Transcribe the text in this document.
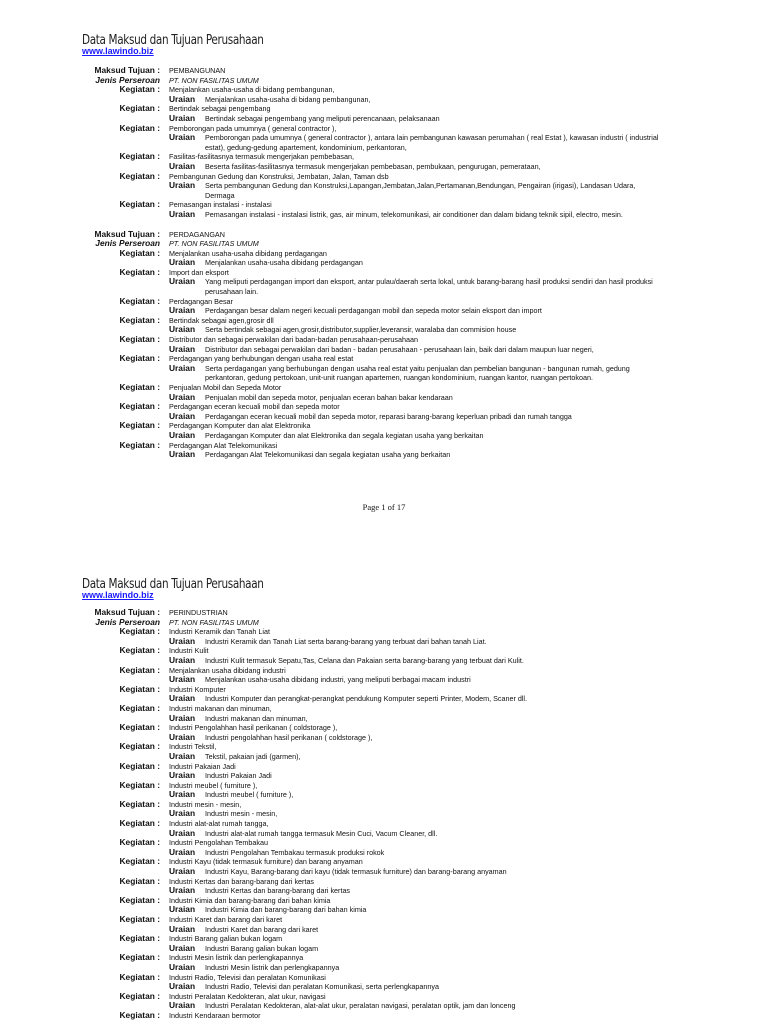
Data Maksud dan Tujuan Perusahaan
www.lawindo.biz
Maksud Tujuan :	PEMBANGUNAN
Jenis Perseroan	PT. NON FASILITAS UMUM
Kegiatan :	Menjalankan usaha-usaha di bidang pembangunan,
Uraian	Menjalankan usaha-usaha di bidang pembangunan,
Kegiatan :	Bertindak sebagai pengembang
Uraian	Bertindak sebagai pengembang yang meliputi perencanaan, pelaksanaan
Kegiatan :	Pemborongan pada umumnya ( general contractor ),
Uraian	Pemborongan pada umumnya ( general contractor ), antara lain pembangunan kawasan perumahan ( real Estat ), kawasan industri ( industrial estat), gedung-gedung apartement, kondominium, perkantoran,
Kegiatan :	Fasilitas-fasilitasnya termasuk mengerjakan pembebasan,
Uraian	Beserta fasilitas-fasilitasnya termasuk mengerjakan pembebasan, pembukaan, pengurugan, pemerataan,
Kegiatan :	Pembangunan Gedung dan Konstruksi, Jembatan, Jalan, Taman dsb
Uraian	Serta pembangunan Gedung dan Konstruksi,Lapangan,Jembatan,Jalan,Pertamanan,Bendungan, Pengairan (irigasi), Landasan Udara, Dermaga
Kegiatan :	Pemasangan instalasi - instalasi
Uraian	Pemasangan instalasi - instalasi listrik, gas, air minum, telekomunikasi, air conditioner dan dalam bidang teknik sipil, electro, mesin.
Maksud Tujuan :	PERDAGANGAN
Jenis Perseroan	PT. NON FASILITAS UMUM
Kegiatan :	Menjalankan usaha-usaha dibidang perdagangan
Uraian	Menjalankan usaha-usaha dibidang perdagangan
Kegiatan :	Import dan eksport
Uraian	Yang meliputi perdagangan import dan eksport, antar pulau/daerah serta lokal, untuk barang-barang hasil produksi sendiri dan hasil produksi perusahaan lain.
Kegiatan :	Perdagangan Besar
Uraian	Perdagangan besar dalam negeri kecuali perdagangan mobil dan sepeda motor selain eksport dan import
Kegiatan :	Bertindak sebagai agen,grosir dll
Uraian	Serta bertindak sebagai agen,grosir,distributor,supplier,leveransir, waralaba dan commision house
Kegiatan :	Distributor dan sebagai perwakilan dari badan-badan perusahaan-perusahaan
Uraian	Distributor dan sebagai perwakilan dari badan - badan perusahaan - perusahaan lain, baik dari dalam maupun luar negeri,
Kegiatan :	Perdagangan yang berhubungan dengan usaha real estat
Uraian	Serta perdagangan yang berhubungan dengan usaha real estat yaitu penjualan dan pembelian bangunan - bangunan rumah, gedung perkantoran, gedung pertokoan, unit-unit ruangan apartemen, ruangan kondominium, ruangan kantor, ruangan pertokoan.
Kegiatan :	Penjualan Mobil dan Sepeda Motor
Uraian	Penjualan mobil dan sepeda motor, penjualan eceran bahan bakar kendaraan
Kegiatan :	Perdagangan eceran kecuali mobil dan sepeda motor
Uraian	Perdagangan eceran kecuali mobil dan sepeda motor, reparasi barang-barang keperluan pribadi dan rumah tangga
Kegiatan :	Perdagangan Komputer dan alat Elektronika
Uraian	Perdagangan Komputer dan alat Elektronika dan segala kegiatan usaha yang berkaitan
Kegiatan :	Perdagangan Alat Telekomunikasi
Uraian	Perdagangan Alat Telekomunikasi dan segala kegiatan usaha yang berkaitan
Page 1 of 17
Data Maksud dan Tujuan Perusahaan
www.lawindo.biz
Maksud Tujuan :	PERINDUSTRIAN
Jenis Perseroan	PT. NON FASILITAS UMUM
Kegiatan :	Industri Keramik dan Tanah Liat
Uraian	Industri Keramik dan Tanah Liat serta barang-barang yang terbuat dari bahan tanah Liat.
Kegiatan :	Industri Kulit
Uraian	Industri Kulit termasuk Sepatu,Tas, Celana dan Pakaian serta barang-barang yang terbuat dari Kulit.
Kegiatan :	Menjalankan usaha dibidang industri
Uraian	Menjalankan usaha-usaha dibidang industri, yang meliputi berbagai macam industri
Kegiatan :	Industri Komputer
Uraian	Industri Komputer dan perangkat-perangkat pendukung Komputer seperti Printer, Modem, Scaner dll.
Kegiatan :	Industri makanan dan minuman,
Uraian	Industri makanan dan minuman,
Kegiatan :	Industri Pengolahhan hasil perikanan ( coldstorage ),
Uraian	Industri pengolahhan hasil perikanan ( coldstorage ),
Kegiatan :	Industri Tekstil,
Uraian	Tekstil, pakaian jadi (garmen),
Kegiatan :	Industri Pakaian Jadi
Uraian	Industri Pakaian Jadi
Kegiatan :	Industri meubel ( furniture ),
Uraian	Industri meubel ( furniture ),
Kegiatan :	Industri mesin - mesin,
Uraian	Industri mesin - mesin,
Kegiatan :	Industri alat-alat rumah tangga,
Uraian	Industri alat-alat rumah tangga termasuk Mesin Cuci, Vacum Cleaner, dll.
Kegiatan :	Industri Pengolahan Tembakau
Uraian	Industri Pengolahan Tembakau termasuk produksi rokok
Kegiatan :	Industri Kayu (tidak termasuk furniture) dan barang anyaman
Uraian	Industri Kayu, Barang-barang dari kayu (tidak termasuk furniture) dan barang-barang anyaman
Kegiatan :	Industri Kertas dan barang-barang dari kertas
Uraian	Industri Kertas dan barang-barang dari kertas
Kegiatan :	Industri Kimia dan barang-barang dari bahan kimia
Uraian	Industri Kimia dan barang-barang dari bahan kimia
Kegiatan :	Industri Karet dan barang dari karet
Uraian	Industri Karet dan barang dari karet
Kegiatan :	Industri Barang galian bukan logam
Uraian	Industri Barang galian bukan logam
Kegiatan :	Industri Mesin listrik dan perlengkapannya
Uraian	Industri Mesin listrik dan perlengkapannya
Kegiatan :	Industri Radio, Televisi dan peralatan Komunikasi
Uraian	Industri Radio, Televisi dan peralatan Komunikasi, serta perlengkapannya
Kegiatan :	Industri Peralatan Kedokteran, alat ukur, navigasi
Uraian	Industri Peralatan Kedokteran, alat-alat ukur, peralatan navigasi, peralatan optik, jam dan lonceng
Kegiatan :	Industri Kendaraan bermotor
